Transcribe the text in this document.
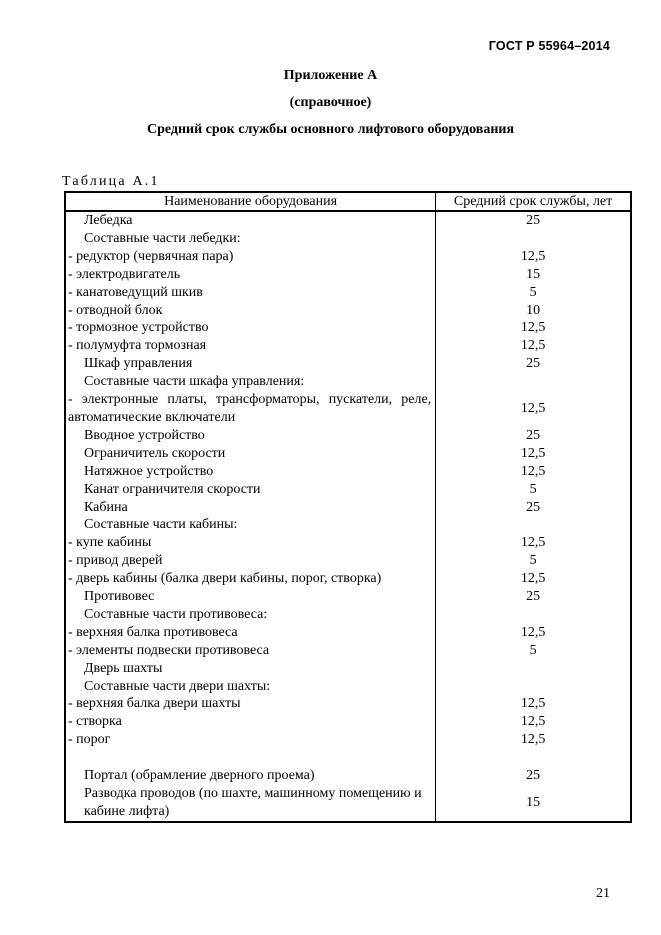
ГОСТ Р 55964–2014
Приложение А
(справочное)
Средний срок службы основного лифтового оборудования
Таблица А.1
Наименование оборудования	Средний срок службы, лет
Лебедка	25
Составные части лебедки:	
- редуктор (червячная пара)	12,5
- электродвигатель	15
- канатоведущий шкив	5
- отводной блок	10
- тормозное устройство	12,5
- полумуфта тормозная	12,5
Шкаф управления	25
Составные части шкафа управления:	
- электронные платы, трансформаторы, пускатели, реле, автоматические включатели	12,5
Вводное устройство	25
Ограничитель скорости	12,5
Натяжное устройство	12,5
Канат ограничителя скорости	5
Кабина	25
Составные части кабины:	
- купе кабины	12,5
- привод дверей	5
- дверь кабины (балка двери кабины, порог, створка)	12,5
Противовес	25
Составные части противовеса:	
- верхняя балка противовеса	12,5
- элементы подвески противовеса	5
Дверь шахты	
Составные части двери шахты:	
- верхняя балка двери шахты	12,5
- створка	12,5
- порог	12,5

Портал (обрамление дверного проема)	25
Разводка проводов (по шахте, машинному помещению и кабине лифта)	15
21
